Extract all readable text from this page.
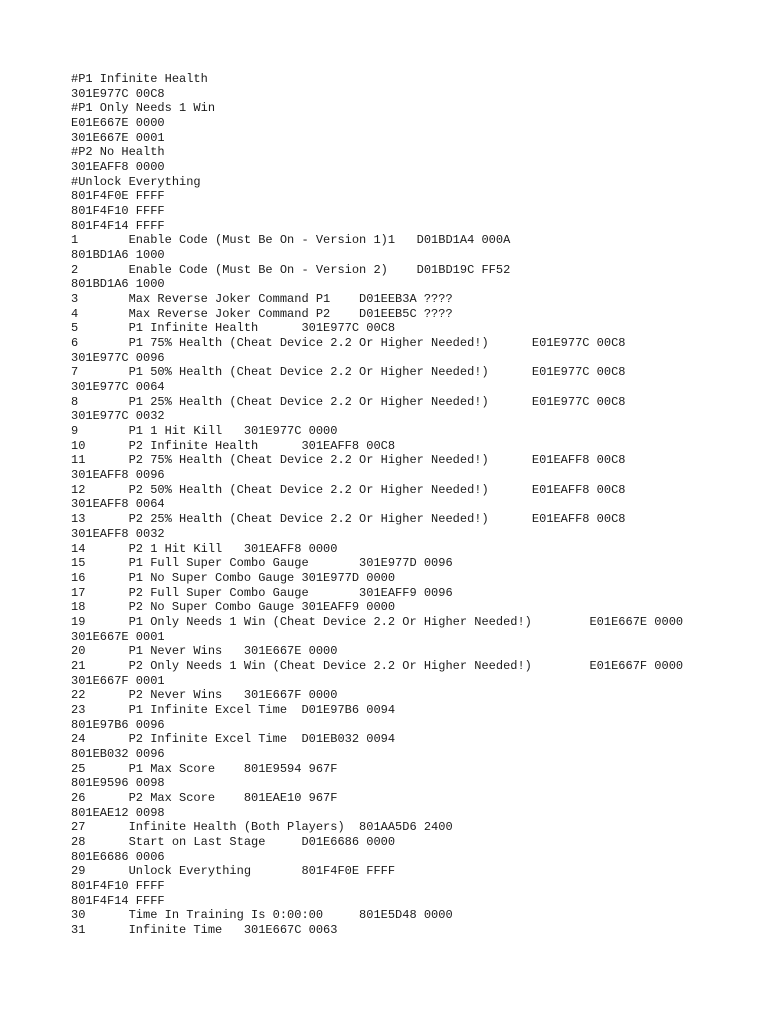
#P1 Infinite Health
301E977C 00C8
#P1 Only Needs 1 Win
E01E667E 0000
301E667E 0001
#P2 No Health
301EAFF8 0000
#Unlock Everything
801F4F0E FFFF
801F4F10 FFFF
801F4F14 FFFF
1	Enable Code (Must Be On - Version 1)1	D01BD1A4 000A
801BD1A6 1000
2	Enable Code (Must Be On - Version 2)	D01BD19C FF52
801BD1A6 1000
3	Max Reverse Joker Command P1	D01EEB3A ????
4	Max Reverse Joker Command P2	D01EEB5C ????
5	P1 Infinite Health	301E977C 00C8
6	P1 75% Health (Cheat Device 2.2 Or Higher Needed!)	E01E977C 00C8
301E977C 0096
7	P1 50% Health (Cheat Device 2.2 Or Higher Needed!)	E01E977C 00C8
301E977C 0064
8	P1 25% Health (Cheat Device 2.2 Or Higher Needed!)	E01E977C 00C8
301E977C 0032
9	P1 1 Hit Kill	301E977C 0000
10	P2 Infinite Health	301EAFF8 00C8
11	P2 75% Health (Cheat Device 2.2 Or Higher Needed!)	E01EAFF8 00C8
301EAFF8 0096
12	P2 50% Health (Cheat Device 2.2 Or Higher Needed!)	E01EAFF8 00C8
301EAFF8 0064
13	P2 25% Health (Cheat Device 2.2 Or Higher Needed!)	E01EAFF8 00C8
301EAFF8 0032
14	P2 1 Hit Kill	301EAFF8 0000
15	P1 Full Super Combo Gauge	301E977D 0096
16	P1 No Super Combo Gauge	301E977D 0000
17	P2 Full Super Combo Gauge	301EAFF9 0096
18	P2 No Super Combo Gauge	301EAFF9 0000
19	P1 Only Needs 1 Win (Cheat Device 2.2 Or Higher Needed!)	E01E667E 0000
301E667E 0001
20	P1 Never Wins	301E667E 0000
21	P2 Only Needs 1 Win (Cheat Device 2.2 Or Higher Needed!)	E01E667F 0000
301E667F 0001
22	P2 Never Wins	301E667F 0000
23	P1 Infinite Excel Time	D01E97B6 0094
801E97B6 0096
24	P2 Infinite Excel Time	D01EB032 0094
801EB032 0096
25	P1 Max Score	801E9594 967F
801E9596 0098
26	P2 Max Score	801EAE10 967F
801EAE12 0098
27	Infinite Health (Both Players)	801AA5D6 2400
28	Start on Last Stage	D01E6686 0000
801E6686 0006
29	Unlock Everything	801F4F0E FFFF
801F4F10 FFFF
801F4F14 FFFF
30	Time In Training Is 0:00:00	801E5D48 0000
31	Infinite Time	301E667C 0063
